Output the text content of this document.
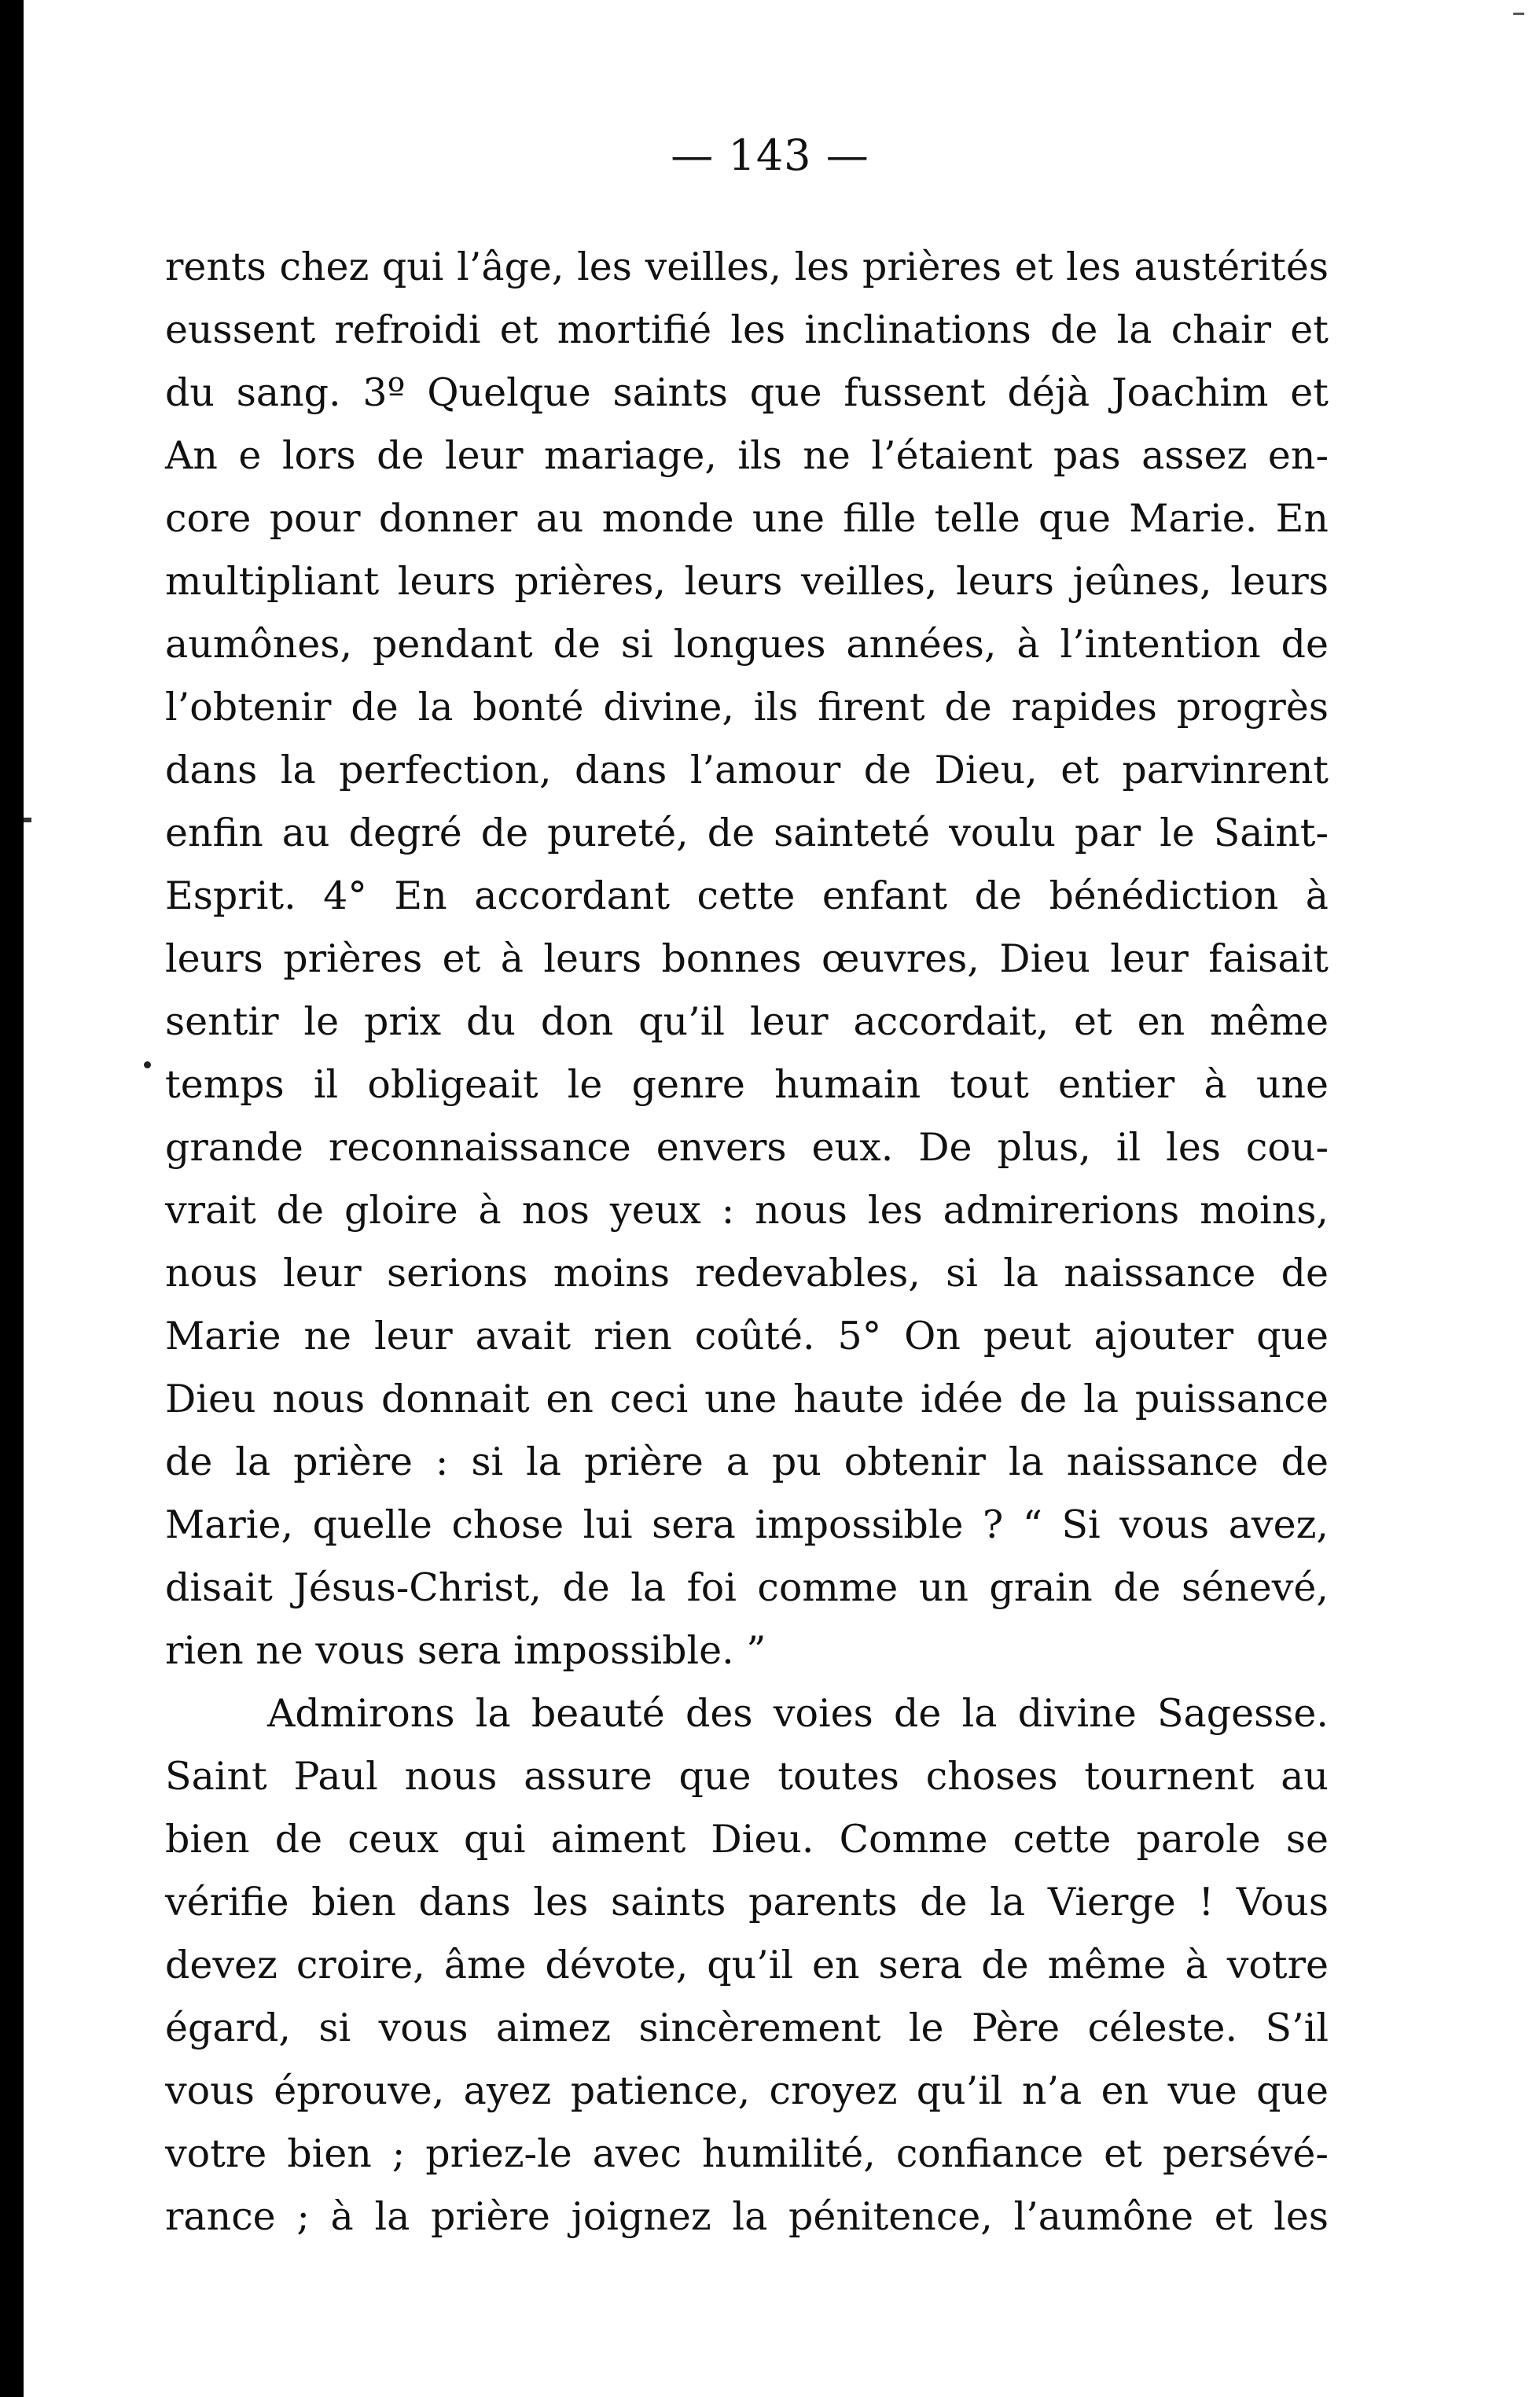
— 143 —
rents chez qui l’âge, les veilles, les prières et les austérités
eussent refroidi et mortifié les inclinations de la chair et
du sang. 3º Quelque saints que fussent déjà Joachim et
An e lors de leur mariage, ils ne l’étaient pas assez en-
core pour donner au monde une fille telle que Marie. En
multipliant leurs prières, leurs veilles, leurs jeûnes, leurs
aumônes, pendant de si longues années, à l’intention de
l’obtenir de la bonté divine, ils firent de rapides progrès
dans la perfection, dans l’amour de Dieu, et parvinrent
enfin au degré de pureté, de sainteté voulu par le Saint-
Esprit. 4° En accordant cette enfant de bénédiction à
leurs prières et à leurs bonnes œuvres, Dieu leur faisait
sentir le prix du don qu’il leur accordait, et en même
temps il obligeait le genre humain tout entier à une
grande reconnaissance envers eux. De plus, il les cou-
vrait de gloire à nos yeux : nous les admirerions moins,
nous leur serions moins redevables, si la naissance de
Marie ne leur avait rien coûté. 5° On peut ajouter que
Dieu nous donnait en ceci une haute idée de la puissance
de la prière : si la prière a pu obtenir la naissance de
Marie, quelle chose lui sera impossible ? “ Si vous avez,
disait Jésus-Christ, de la foi comme un grain de sénevé,
rien ne vous sera impossible. ”
Admirons la beauté des voies de la divine Sagesse.
Saint Paul nous assure que toutes choses tournent au
bien de ceux qui aiment Dieu. Comme cette parole se
vérifie bien dans les saints parents de la Vierge ! Vous
devez croire, âme dévote, qu’il en sera de même à votre
égard, si vous aimez sincèrement le Père céleste. S’il
vous éprouve, ayez patience, croyez qu’il n’a en vue que
votre bien ; priez-le avec humilité, confiance et persévé-
rance ; à la prière joignez la pénitence, l’aumône et les
